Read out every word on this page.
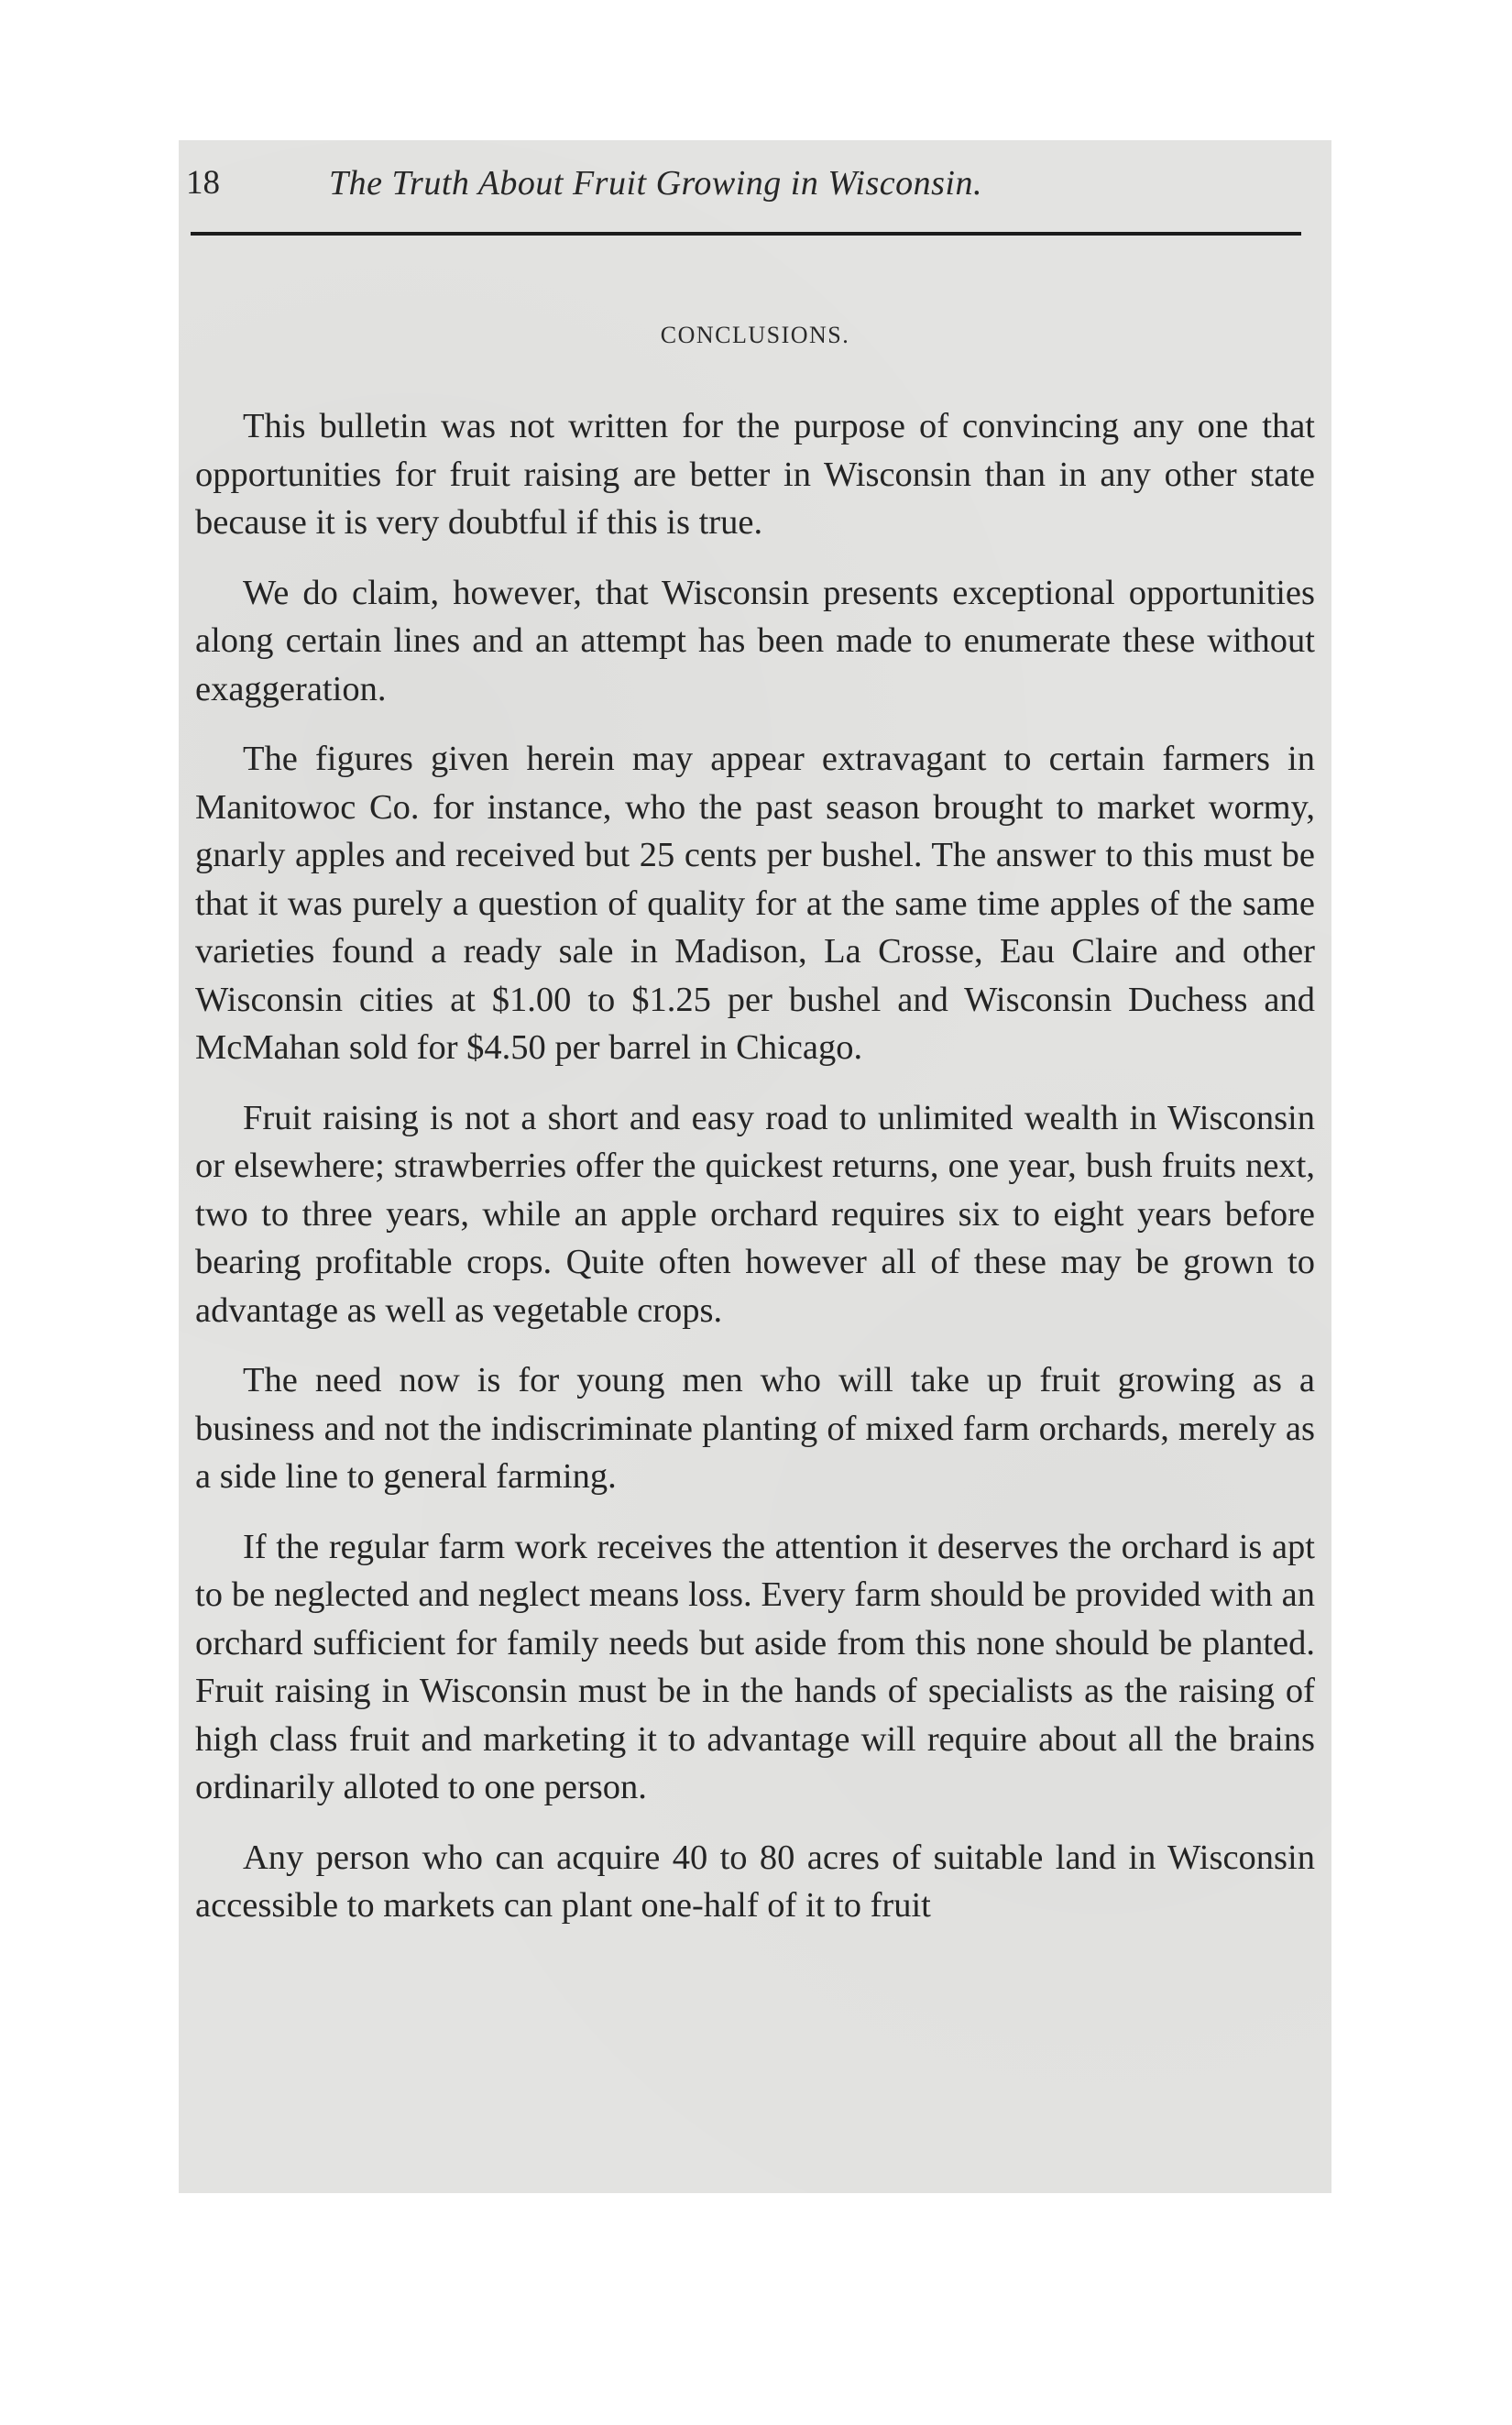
18	The Truth About Fruit Growing in Wisconsin.
CONCLUSIONS.

This bulletin was not written for the purpose of convincing any one that opportunities for fruit raising are better in Wisconsin than in any other state because it is very doubtful if this is true.

We do claim, however, that Wisconsin presents exceptional opportunities along certain lines and an attempt has been made to enumerate these without exaggeration.

The figures given herein may appear extravagant to certain farmers in Manitowoc Co. for instance, who the past season brought to market wormy, gnarly apples and received but 25 cents per bushel. The answer to this must be that it was purely a question of quality for at the same time apples of the same varieties found a ready sale in Madison, La Crosse, Eau Claire and other Wisconsin cities at $1.00 to $1.25 per bushel and Wisconsin Duchess and McMahan sold for $4.50 per barrel in Chicago.

Fruit raising is not a short and easy road to unlimited wealth in Wisconsin or elsewhere; strawberries offer the quickest returns, one year, bush fruits next, two to three years, while an apple orchard requires six to eight years before bearing profitable crops. Quite often however all of these may be grown to advantage as well as vegetable crops.

The need now is for young men who will take up fruit growing as a business and not the indiscriminate planting of mixed farm orchards, merely as a side line to general farming.

If the regular farm work receives the attention it deserves the orchard is apt to be neglected and neglect means loss. Every farm should be provided with an orchard sufficient for family needs but aside from this none should be planted. Fruit raising in Wisconsin must be in the hands of specialists as the raising of high class fruit and marketing it to advantage will require about all the brains ordinarily alloted to one person.

Any person who can acquire 40 to 80 acres of suitable land in Wisconsin accessible to markets can plant one-half of it to fruit
